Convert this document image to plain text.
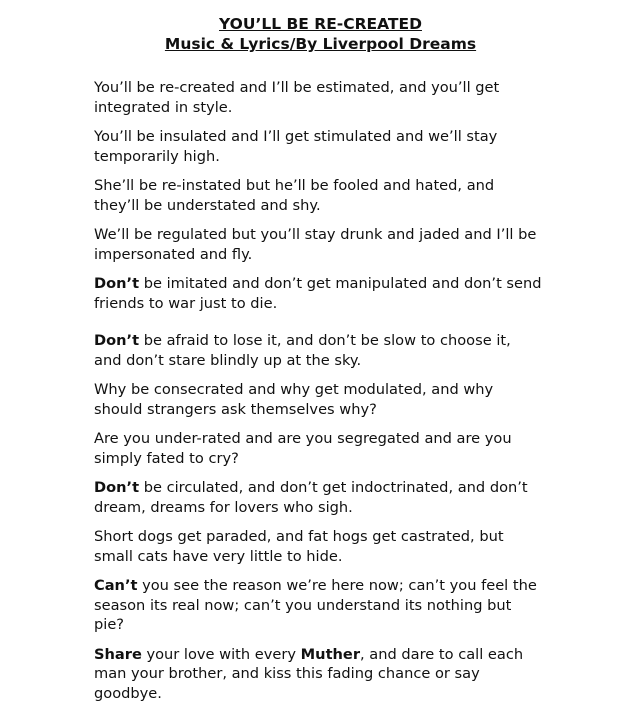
YOU’LL BE RE-CREATED
Music & Lyrics/By Liverpool Dreams
You’ll be re-created and I’ll be estimated, and you’ll get
integrated in style.
You’ll be insulated and I’ll get stimulated and we’ll stay
temporarily high.
She’ll be re-instated but he’ll be fooled and hated, and
they’ll be understated and shy.
We’ll be regulated but you’ll stay drunk and jaded and I’ll be
impersonated and fly.
Don’t be imitated and don’t get manipulated and don’t send
friends to war just to die.
Don’t be afraid to lose it, and don’t be slow to choose it,
and don’t stare blindly up at the sky.
Why be consecrated and why get modulated, and why
should strangers ask themselves why?
Are you under-rated and are you segregated and are you
simply fated to cry?
Don’t be circulated, and don’t get indoctrinated, and don’t
dream, dreams for lovers who sigh.
Short dogs get paraded, and fat hogs get castrated, but
small cats have very little to hide.
Can’t you see the reason we’re here now; can’t you feel the
season its real now; can’t you understand its nothing but
pie?
Share your love with every Muther, and dare to call each
man your brother, and kiss this fading chance or say
goodbye.
